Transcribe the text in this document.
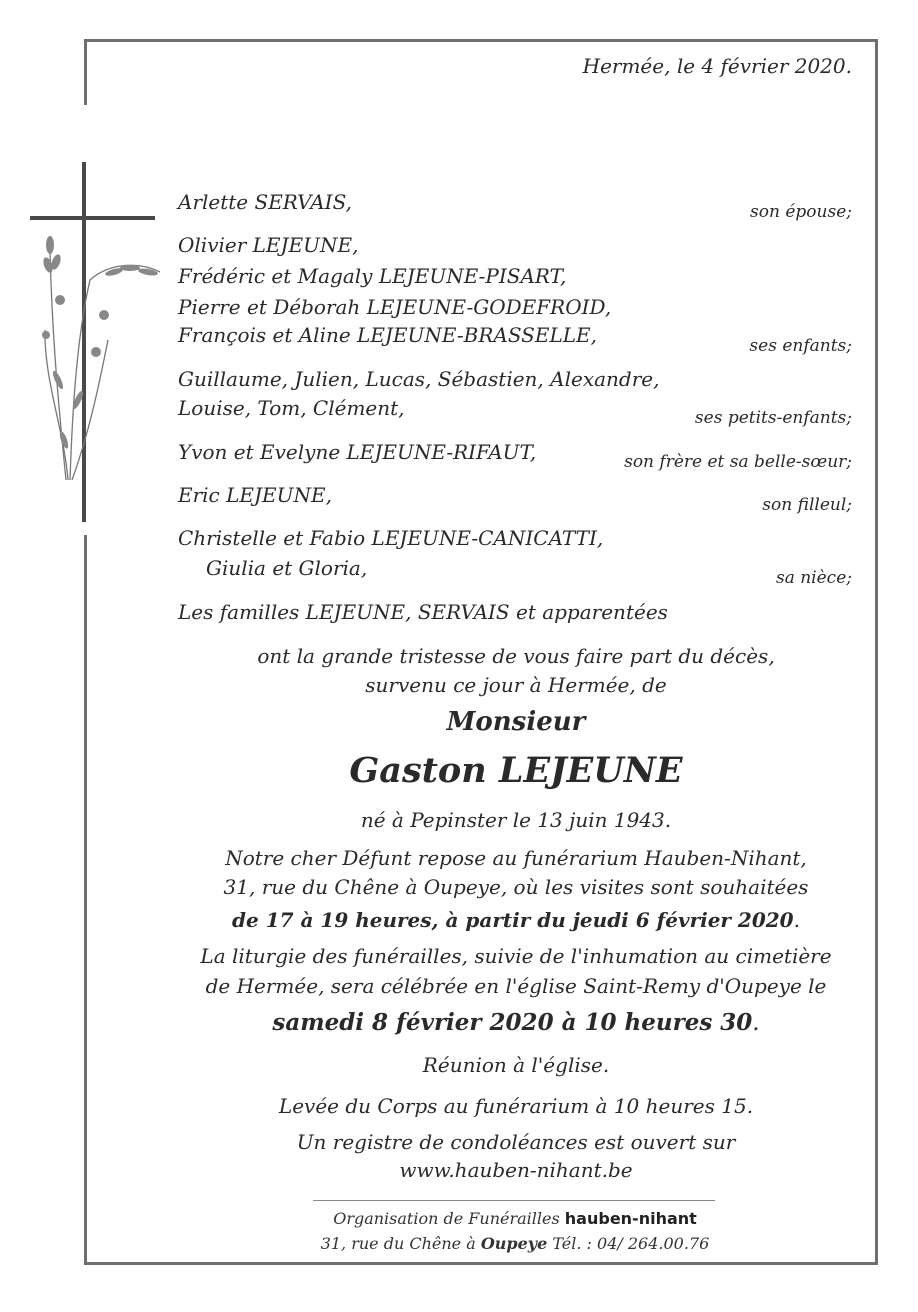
Hermée, le 4 février 2020.
Arlette SERVAIS,	son épouse;
Olivier LEJEUNE,
Frédéric et Magaly LEJEUNE-PISART,
Pierre et Déborah LEJEUNE-GODEFROID,
François et Aline LEJEUNE-BRASSELLE,	ses enfants;
Guillaume, Julien, Lucas, Sébastien, Alexandre,
Louise, Tom, Clément,	ses petits-enfants;
Yvon et Evelyne LEJEUNE-RIFAUT,	son frère et sa belle-sœur;
Eric LEJEUNE,	son filleul;
Christelle et Fabio LEJEUNE-CANICATTI,
Giulia et Gloria,	sa nièce;
Les familles LEJEUNE, SERVAIS et apparentées
ont la grande tristesse de vous faire part du décès,
survenu ce jour à Hermée, de
Monsieur
Gaston LEJEUNE
né à Pepinster le 13 juin 1943.
Notre cher Défunt repose au funérarium Hauben-Nihant,
31, rue du Chêne à Oupeye, où les visites sont souhaitées
de 17 à 19 heures, à partir du jeudi 6 février 2020.
La liturgie des funérailles, suivie de l'inhumation au cimetière
de Hermée, sera célébrée en l'église Saint-Remy d'Oupeye le
samedi 8 février 2020 à 10 heures 30.
Réunion à l'église.
Levée du Corps au funérarium à 10 heures 15.
Un registre de condoléances est ouvert sur
www.hauben-nihant.be
Organisation de Funérailles hauben-nihant
31, rue du Chêne à Oupeye Tél. : 04/ 264.00.76
